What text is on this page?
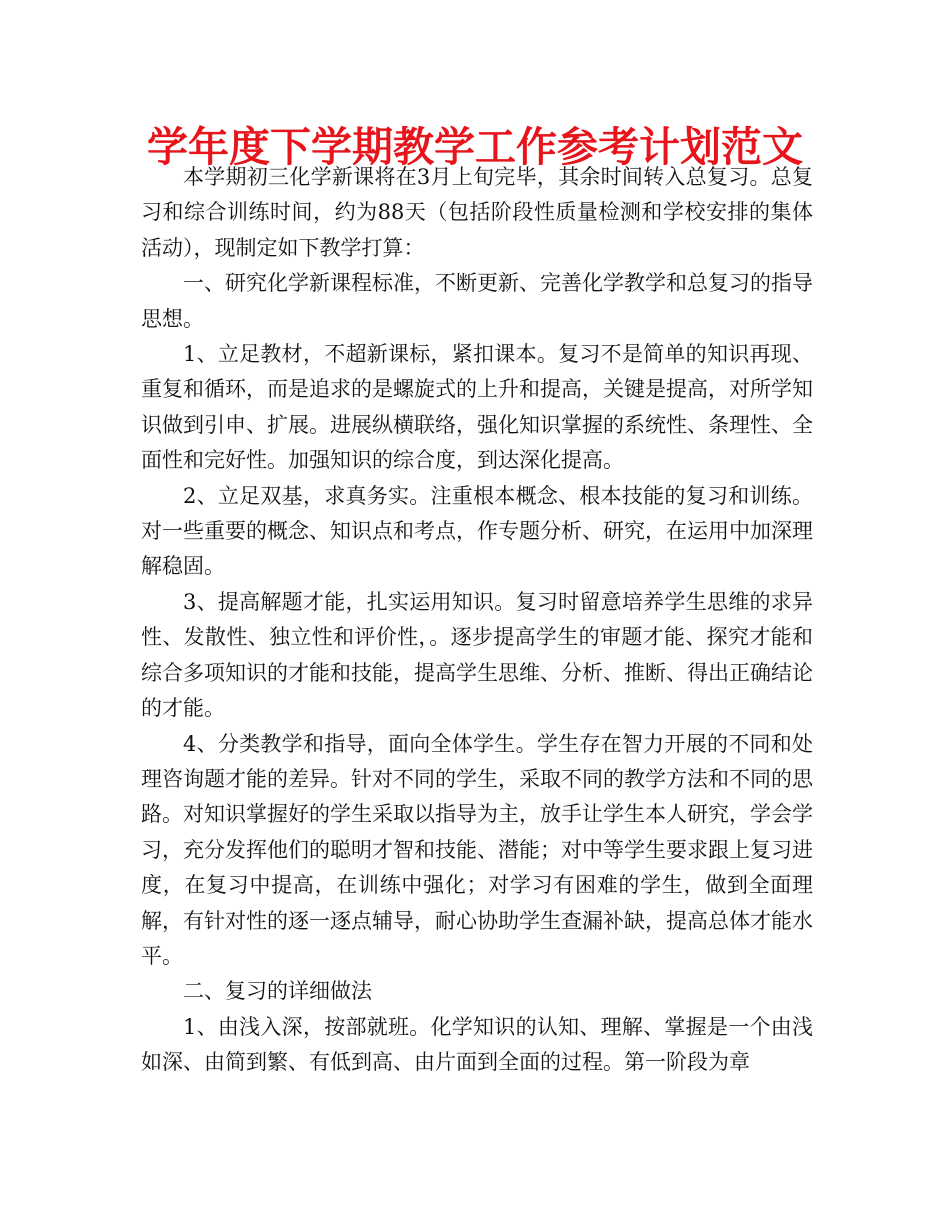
学年度下学期教学工作参考计划范文

本学期初三化学新课将在3月上旬完毕，其余时间转入总复习。总复习和综合训练时间，约为88天（包括阶段性质量检测和学校安排的集体活动），现制定如下教学打算：

一、研究化学新课程标准，不断更新、完善化学教学和总复习的指导思想。

1、立足教材，不超新课标，紧扣课本。复习不是简单的知识再现、重复和循环，而是追求的是螺旋式的上升和提高，关键是提高，对所学知识做到引申、扩展。进展纵横联络，强化知识掌握的系统性、条理性、全面性和完好性。加强知识的综合度，到达深化提高。

2、立足双基，求真务实。注重根本概念、根本技能的复习和训练。对一些重要的概念、知识点和考点，作专题分析、研究，在运用中加深理解稳固。

3、提高解题才能，扎实运用知识。复习时留意培养学生思维的求异性、发散性、独立性和评价性，。逐步提高学生的审题才能、探究才能和综合多项知识的才能和技能，提高学生思维、分析、推断、得出正确结论的才能。

4、分类教学和指导，面向全体学生。学生存在智力开展的不同和处理咨询题才能的差异。针对不同的学生，采取不同的教学方法和不同的思路。对知识掌握好的学生采取以指导为主，放手让学生本人研究，学会学习，充分发挥他们的聪明才智和技能、潜能；对中等学生要求跟上复习进度，在复习中提高，在训练中强化；对学习有困难的学生，做到全面理解，有针对性的逐一逐点辅导，耐心协助学生查漏补缺，提高总体才能水平。

二、复习的详细做法

1、由浅入深，按部就班。化学知识的认知、理解、掌握是一个由浅如深、由简到繁、有低到高、由片面到全面的过程。第一阶段为章
